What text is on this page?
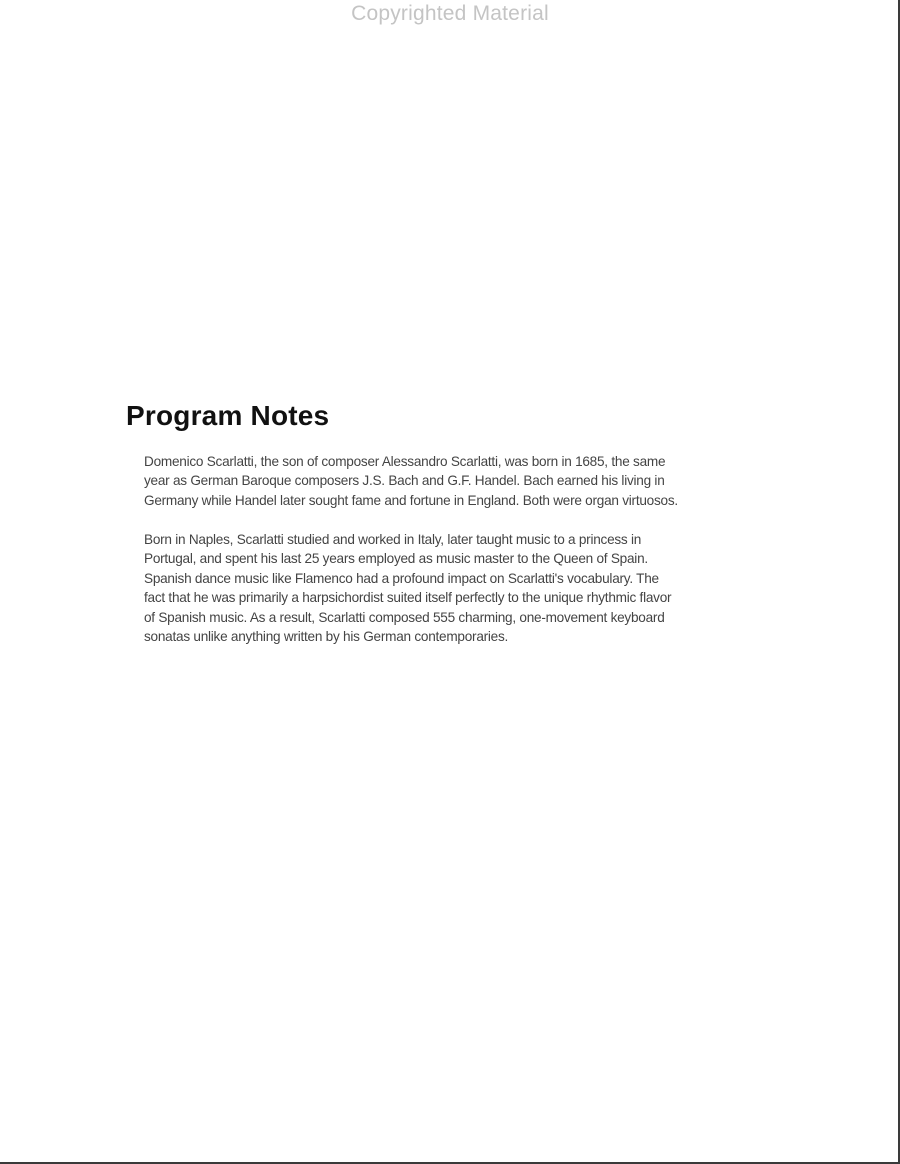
Copyrighted Material
Program Notes

Domenico Scarlatti, the son of composer Alessandro Scarlatti, was born in 1685, the same
year as German Baroque composers J.S. Bach and G.F. Handel. Bach earned his living in
Germany while Handel later sought fame and fortune in England. Both were organ virtuosos.

Born in Naples, Scarlatti studied and worked in Italy, later taught music to a princess in
Portugal, and spent his last 25 years employed as music master to the Queen of Spain.
Spanish dance music like Flamenco had a profound impact on Scarlatti's vocabulary. The
fact that he was primarily a harpsichordist suited itself perfectly to the unique rhythmic flavor
of Spanish music. As a result, Scarlatti composed 555 charming, one-movement keyboard
sonatas unlike anything written by his German contemporaries.
